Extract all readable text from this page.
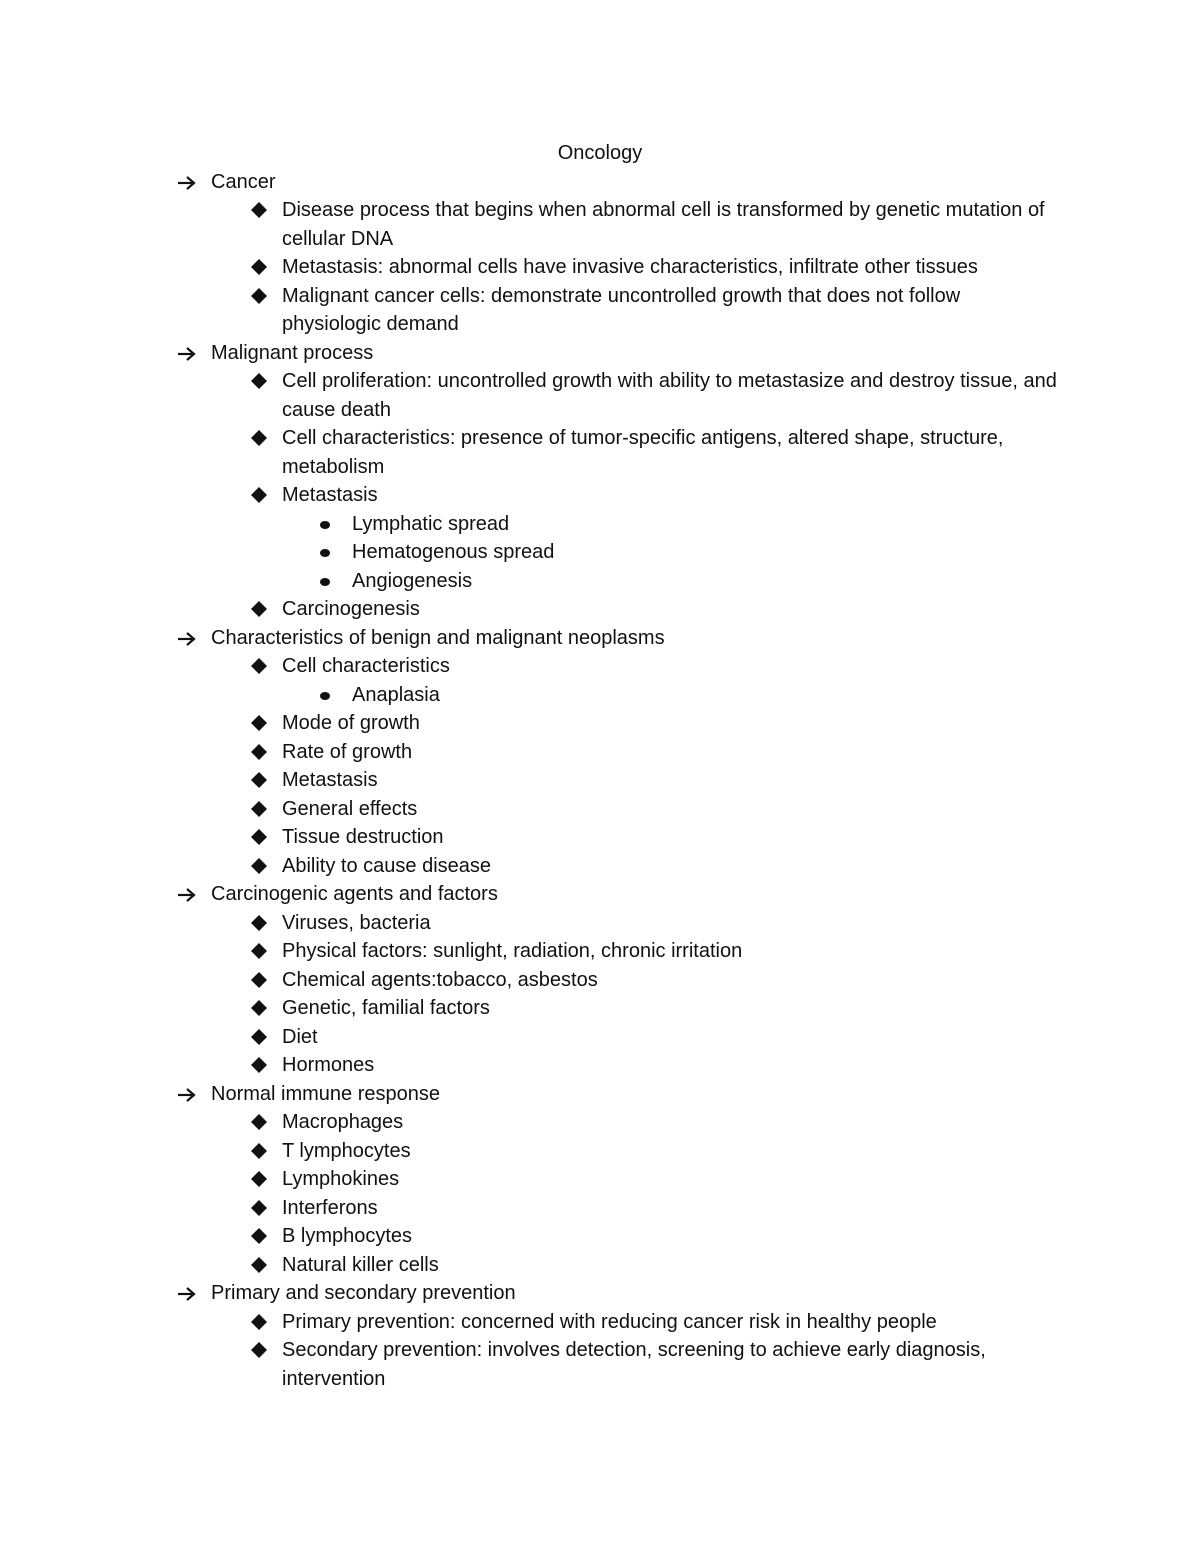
Oncology
Cancer
Disease process that begins when abnormal cell is transformed by genetic mutation of cellular DNA
Metastasis: abnormal cells have invasive characteristics, infiltrate other tissues
Malignant cancer cells: demonstrate uncontrolled growth that does not follow physiologic demand
Malignant process
Cell proliferation: uncontrolled growth with ability to metastasize and destroy tissue, and cause death
Cell characteristics: presence of tumor-specific antigens, altered shape, structure, metabolism
Metastasis
Lymphatic spread
Hematogenous spread
Angiogenesis
Carcinogenesis
Characteristics of benign and malignant neoplasms
Cell characteristics
Anaplasia
Mode of growth
Rate of growth
Metastasis
General effects
Tissue destruction
Ability to cause disease
Carcinogenic agents and factors
Viruses, bacteria
Physical factors: sunlight, radiation, chronic irritation
Chemical agents:tobacco, asbestos
Genetic, familial factors
Diet
Hormones
Normal immune response
Macrophages
T lymphocytes
Lymphokines
Interferons
B lymphocytes
Natural killer cells
Primary and secondary prevention
Primary prevention: concerned with reducing cancer risk in healthy people
Secondary prevention: involves detection, screening to achieve early diagnosis, intervention
